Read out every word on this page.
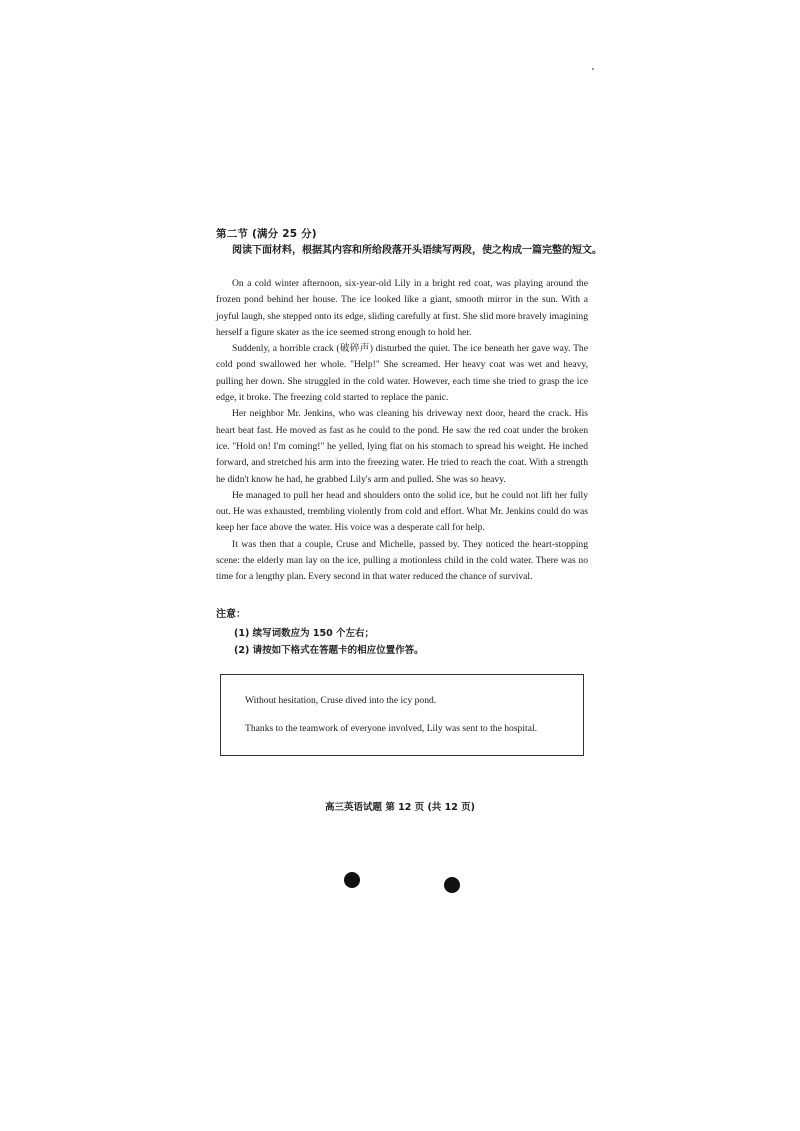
第二节 (满分 25 分)

阅读下面材料，根据其内容和所给段落开头语续写两段，使之构成一篇完整的短文。

On a cold winter afternoon, six-year-old Lily in a bright red coat, was playing around the frozen pond behind her house. The ice looked like a giant, smooth mirror in the sun. With a joyful laugh, she stepped onto its edge, sliding carefully at first. She slid more bravely imagining herself a figure skater as the ice seemed strong enough to hold her.

Suddenly, a horrible crack (破碎声) disturbed the quiet. The ice beneath her gave way. The cold pond swallowed her whole. "Help!" She screamed. Her heavy coat was wet and heavy, pulling her down. She struggled in the cold water. However, each time she tried to grasp the ice edge, it broke. The freezing cold started to replace the panic.

Her neighbor Mr. Jenkins, who was cleaning his driveway next door, heard the crack. His heart beat fast. He moved as fast as he could to the pond. He saw the red coat under the broken ice. "Hold on! I'm coming!" he yelled, lying flat on his stomach to spread his weight. He inched forward, and stretched his arm into the freezing water. He tried to reach the coat. With a strength he didn't know he had, he grabbed Lily's arm and pulled. She was so heavy.

He managed to pull her head and shoulders onto the solid ice, but he could not lift her fully out. He was exhausted, trembling violently from cold and effort. What Mr. Jenkins could do was keep her face above the water. His voice was a desperate call for help.

It was then that a couple, Cruse and Michelle, passed by. They noticed the heart-stopping scene: the elderly man lay on the ice, pulling a motionless child in the cold water. There was no time for a lengthy plan. Every second in that water reduced the chance of survival.

注意：

(1) 续写词数应为 150 个左右；
(2) 请按如下格式在答题卡的相应位置作答。

Without hesitation, Cruse dived into the icy pond.

Thanks to the teamwork of everyone involved, Lily was sent to the hospital.

高三英语试题 第 12 页 (共 12 页)
